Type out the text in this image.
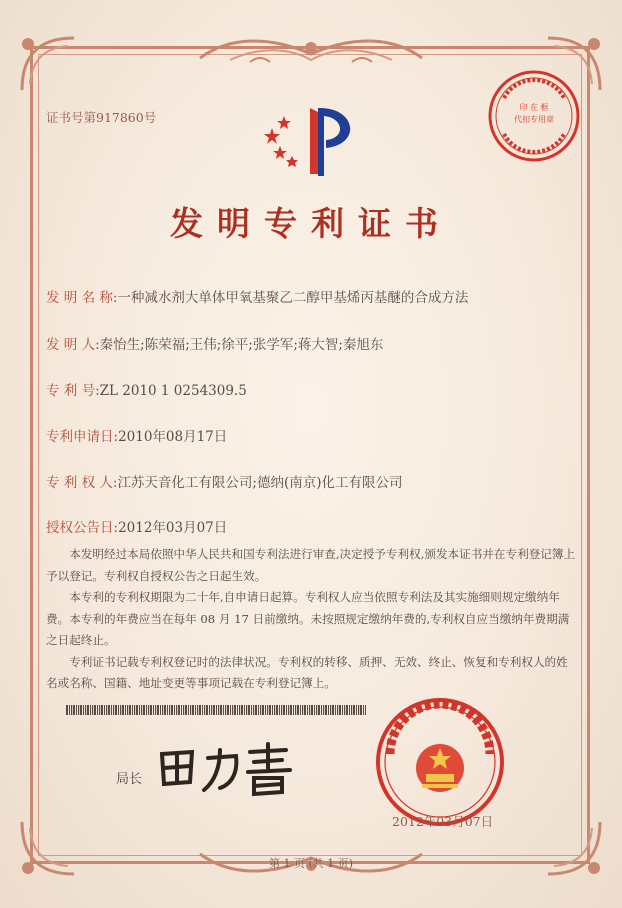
证书号第917860号
印 在 框
代扣专用章
发明专利证书
发 明 名 称:一种减水剂大单体甲氧基聚乙二醇甲基烯丙基醚的合成方法
发 明 人:秦怡生;陈荣福;王伟;徐平;张学军;蒋大智;秦旭东
专 利 号:ZL 2010 1 0254309.5
专利申请日:2010年08月17日
专 利 权 人:江苏天音化工有限公司;德纳(南京)化工有限公司
授权公告日:2012年03月07日

本发明经过本局依照中华人民共和国专利法进行审查,决定授予专利权,颁发本证书并在专利登记簿上予以登记。专利权自授权公告之日起生效。

本专利的专利权期限为二十年,自申请日起算。专利权人应当依照专利法及其实施细则规定缴纳年费。本专利的年费应当在每年 08 月 17 日前缴纳。未按照规定缴纳年费的,专利权自应当缴纳年费期满之日起终止。

专利证书记载专利权登记时的法律状况。专利权的转移、质押、无效、终止、恢复和专利权人的姓名或名称、国籍、地址变更等事项记载在专利登记簿上。

局长
2012年03月07日
第 1 页 (共 1 页)
